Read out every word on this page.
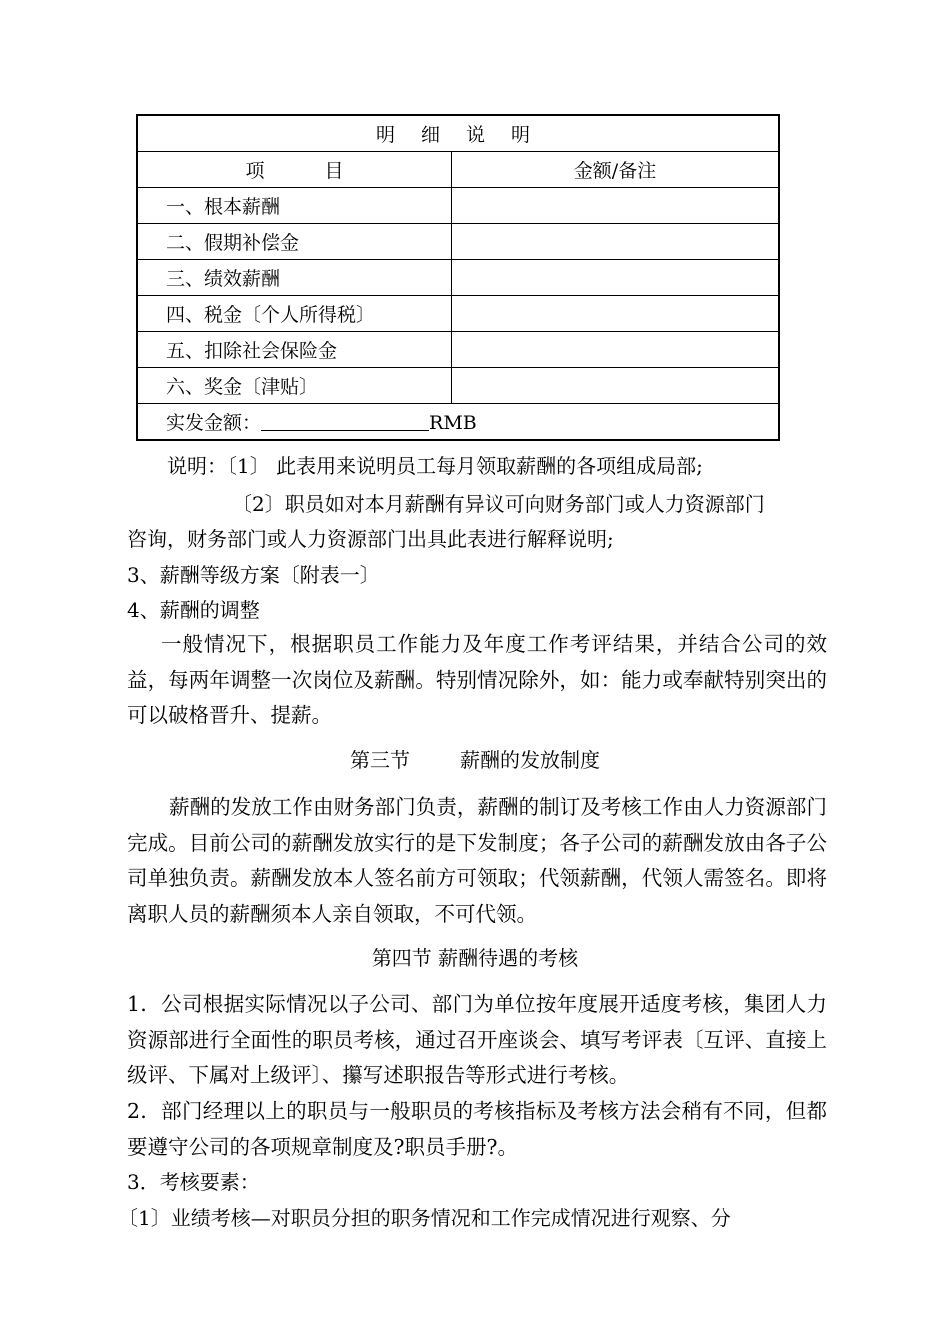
明 细 说 明	
项 目	金额/备注
一、根本薪酬	
二、假期补偿金	
三、绩效薪酬	
四、税金〔个人所得税〕	
五、扣除社会保险金	
六、奖金〔津贴〕	
实发金额： RMB	
说明：〔1〕 此表用来说明员工每月领取薪酬的各项组成局部;
〔2〕职员如对本月薪酬有异议可向财务部门或人力资源部门
咨询，财务部门或人力资源部门出具此表进行解释说明;
3、薪酬等级方案〔附表一〕
4、薪酬的调整
一般情况下，根据职员工作能力及年度工作考评结果，并结合公司的效益，每两年调整一次岗位及薪酬。特别情况除外，如：能力或奉献特别突出的可以破格晋升、提薪。
第三节	薪酬的发放制度
薪酬的发放工作由财务部门负责，薪酬的制订及考核工作由人力资源部门完成。目前公司的薪酬发放实行的是下发制度；各子公司的薪酬发放由各子公司单独负责。薪酬发放本人签名前方可领取；代领薪酬，代领人需签名。即将离职人员的薪酬须本人亲自领取，不可代领。
第四节 薪酬待遇的考核
1．公司根据实际情况以子公司、部门为单位按年度展开适度考核，集团人力资源部进行全面性的职员考核，通过召开座谈会、填写考评表〔互评、直接上级评、下属对上级评〕、攥写述职报告等形式进行考核。
2．部门经理以上的职员与一般职员的考核指标及考核方法会稍有不同，但都要遵守公司的各项规章制度及?职员手册?。
3．考核要素：
〔1〕业绩考核—对职员分担的职务情况和工作完成情况进行观察、分
